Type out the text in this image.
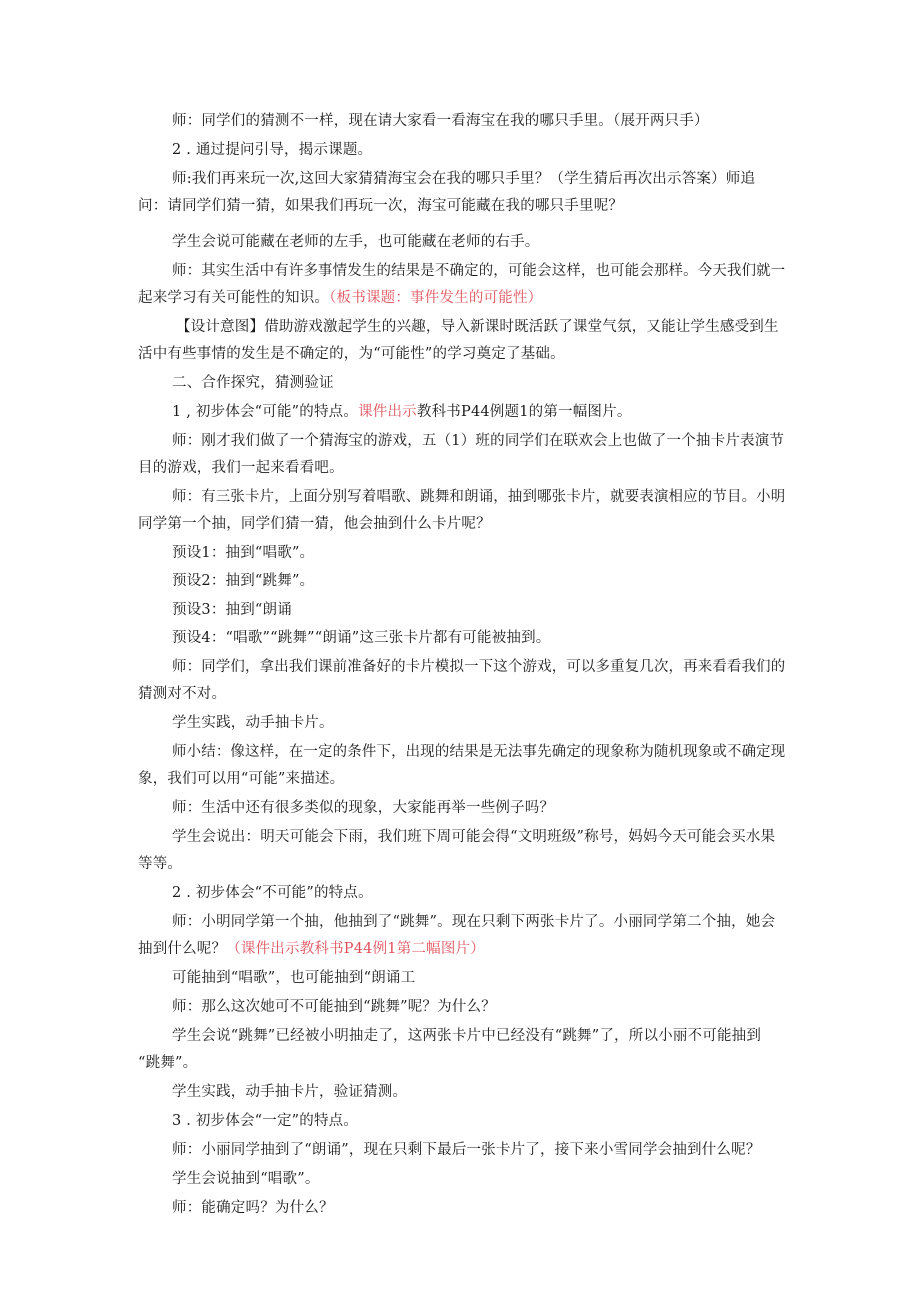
师：同学们的猜测不一样，现在请大家看一看海宝在我的哪只手里。（展开两只手）

2 . 通过提问引导，揭示课题。

师:我们再来玩一次,这回大家猜猜海宝会在我的哪只手里？（学生猜后再次出示答案）师追

问：请同学们猜一猜，如果我们再玩一次，海宝可能藏在我的哪只手里呢？

学生会说可能藏在老师的左手，也可能藏在老师的右手。

师：其实生活中有许多事情发生的结果是不确定的，可能会这样，也可能会那样。今天我们就一

起来学习有关可能性的知识。（板书课题：事件发生的可能性）

【设计意图】借助游戏激起学生的兴趣，导入新课时既活跃了课堂气氛，又能让学生感受到生

活中有些事情的发生是不确定的，为“可能性”的学习奠定了基础。

二、合作探究，猜测验证

1 , 初步体会“可能”的特点。课件出示教科书P44例题1的第一幅图片。

师：刚才我们做了一个猜海宝的游戏，五（1）班的同学们在联欢会上也做了一个抽卡片表演节

目的游戏，我们一起来看看吧。

师：有三张卡片，上面分别写着唱歌、跳舞和朗诵，抽到哪张卡片，就要表演相应的节目。小明

同学第一个抽，同学们猜一猜，他会抽到什么卡片呢？

预设1：抽到“唱歌”。

预设2：抽到“跳舞”。

预设3：抽到“朗诵

预设4：“唱歌”“跳舞”“朗诵”这三张卡片都有可能被抽到。

师：同学们，拿出我们课前准备好的卡片模拟一下这个游戏，可以多重复几次，再来看看我们的

猜测对不对。

学生实践，动手抽卡片。

师小结：像这样，在一定的条件下，出现的结果是无法事先确定的现象称为随机现象或不确定现

象，我们可以用“可能”来描述。

师：生活中还有很多类似的现象，大家能再举一些例子吗？

学生会说出：明天可能会下雨，我们班下周可能会得“文明班级”称号，妈妈今天可能会买水果

等等。

2 . 初步体会“不可能”的特点。

师：小明同学第一个抽，他抽到了“跳舞”。现在只剩下两张卡片了。小丽同学第二个抽，她会

抽到什么呢？（课件出示教科书P44例1第二幅图片）

可能抽到“唱歌”，也可能抽到“朗诵工

师：那么这次她可不可能抽到“跳舞”呢？为什么？

学生会说“跳舞”已经被小明抽走了，这两张卡片中已经没有“跳舞”了，所以小丽不可能抽到

“跳舞”。

学生实践，动手抽卡片，验证猜测。

3 . 初步体会“一定”的特点。

师：小丽同学抽到了“朗诵”，现在只剩下最后一张卡片了，接下来小雪同学会抽到什么呢？

学生会说抽到“唱歌”。

师：能确定吗？为什么？
